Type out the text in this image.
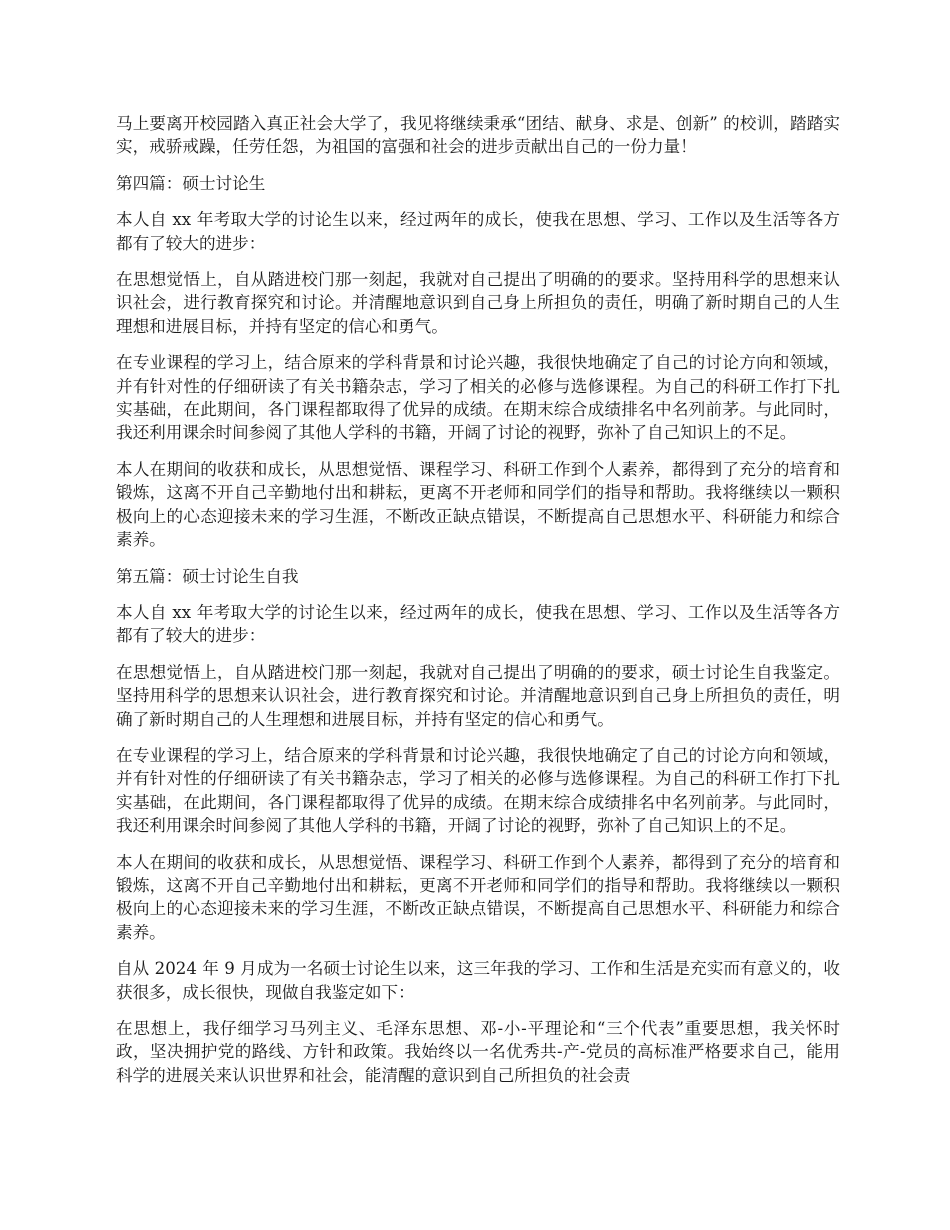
马上要离开校园踏入真正社会大学了，我见将继续秉承“团结、献身、求是、创新” 的校训，踏踏实实，戒骄戒躁，任劳任怨，为祖国的富强和社会的进步贡献出自己的一份力量！

第四篇：硕士讨论生

本人自 xx 年考取大学的讨论生以来，经过两年的成长，使我在思想、学习、工作以及生活等各方都有了较大的进步：

在思想觉悟上，自从踏进校门那一刻起，我就对自己提出了明确的的要求。坚持用科学的思想来认识社会，进行教育探究和讨论。并清醒地意识到自己身上所担负的责任，明确了新时期自己的人生理想和进展目标，并持有坚定的信心和勇气。

在专业课程的学习上，结合原来的学科背景和讨论兴趣，我很快地确定了自己的讨论方向和领域，并有针对性的仔细研读了有关书籍杂志，学习了相关的必修与选修课程。为自己的科研工作打下扎实基础，在此期间，各门课程都取得了优异的成绩。在期末综合成绩排名中名列前茅。与此同时，我还利用课余时间参阅了其他人学科的书籍，开阔了讨论的视野，弥补了自己知识上的不足。

本人在期间的收获和成长，从思想觉悟、课程学习、科研工作到个人素养，都得到了充分的培育和锻炼，这离不开自己辛勤地付出和耕耘，更离不开老师和同学们的指导和帮助。我将继续以一颗积极向上的心态迎接未来的学习生涯，不断改正缺点错误，不断提高自己思想水平、科研能力和综合素养。

第五篇：硕士讨论生自我

本人自 xx 年考取大学的讨论生以来，经过两年的成长，使我在思想、学习、工作以及生活等各方都有了较大的进步：

在思想觉悟上，自从踏进校门那一刻起，我就对自己提出了明确的的要求，硕士讨论生自我鉴定。坚持用科学的思想来认识社会，进行教育探究和讨论。并清醒地意识到自己身上所担负的责任，明确了新时期自己的人生理想和进展目标，并持有坚定的信心和勇气。

在专业课程的学习上，结合原来的学科背景和讨论兴趣，我很快地确定了自己的讨论方向和领域，并有针对性的仔细研读了有关书籍杂志，学习了相关的必修与选修课程。为自己的科研工作打下扎实基础，在此期间，各门课程都取得了优异的成绩。在期末综合成绩排名中名列前茅。与此同时，我还利用课余时间参阅了其他人学科的书籍，开阔了讨论的视野，弥补了自己知识上的不足。

本人在期间的收获和成长，从思想觉悟、课程学习、科研工作到个人素养，都得到了充分的培育和锻炼，这离不开自己辛勤地付出和耕耘，更离不开老师和同学们的指导和帮助。我将继续以一颗积极向上的心态迎接未来的学习生涯，不断改正缺点错误，不断提高自己思想水平、科研能力和综合素养。

自从 2024 年 9 月成为一名硕士讨论生以来，这三年我的学习、工作和生活是充实而有意义的，收获很多，成长很快，现做自我鉴定如下：

在思想上，我仔细学习马列主义、毛泽东思想、邓-小-平理论和“三个代表”重要思想，我关怀时政，坚决拥护党的路线、方针和政策。我始终以一名优秀共-产-党员的高标准严格要求自己，能用科学的进展关来认识世界和社会，能清醒的意识到自己所担负的社会责
